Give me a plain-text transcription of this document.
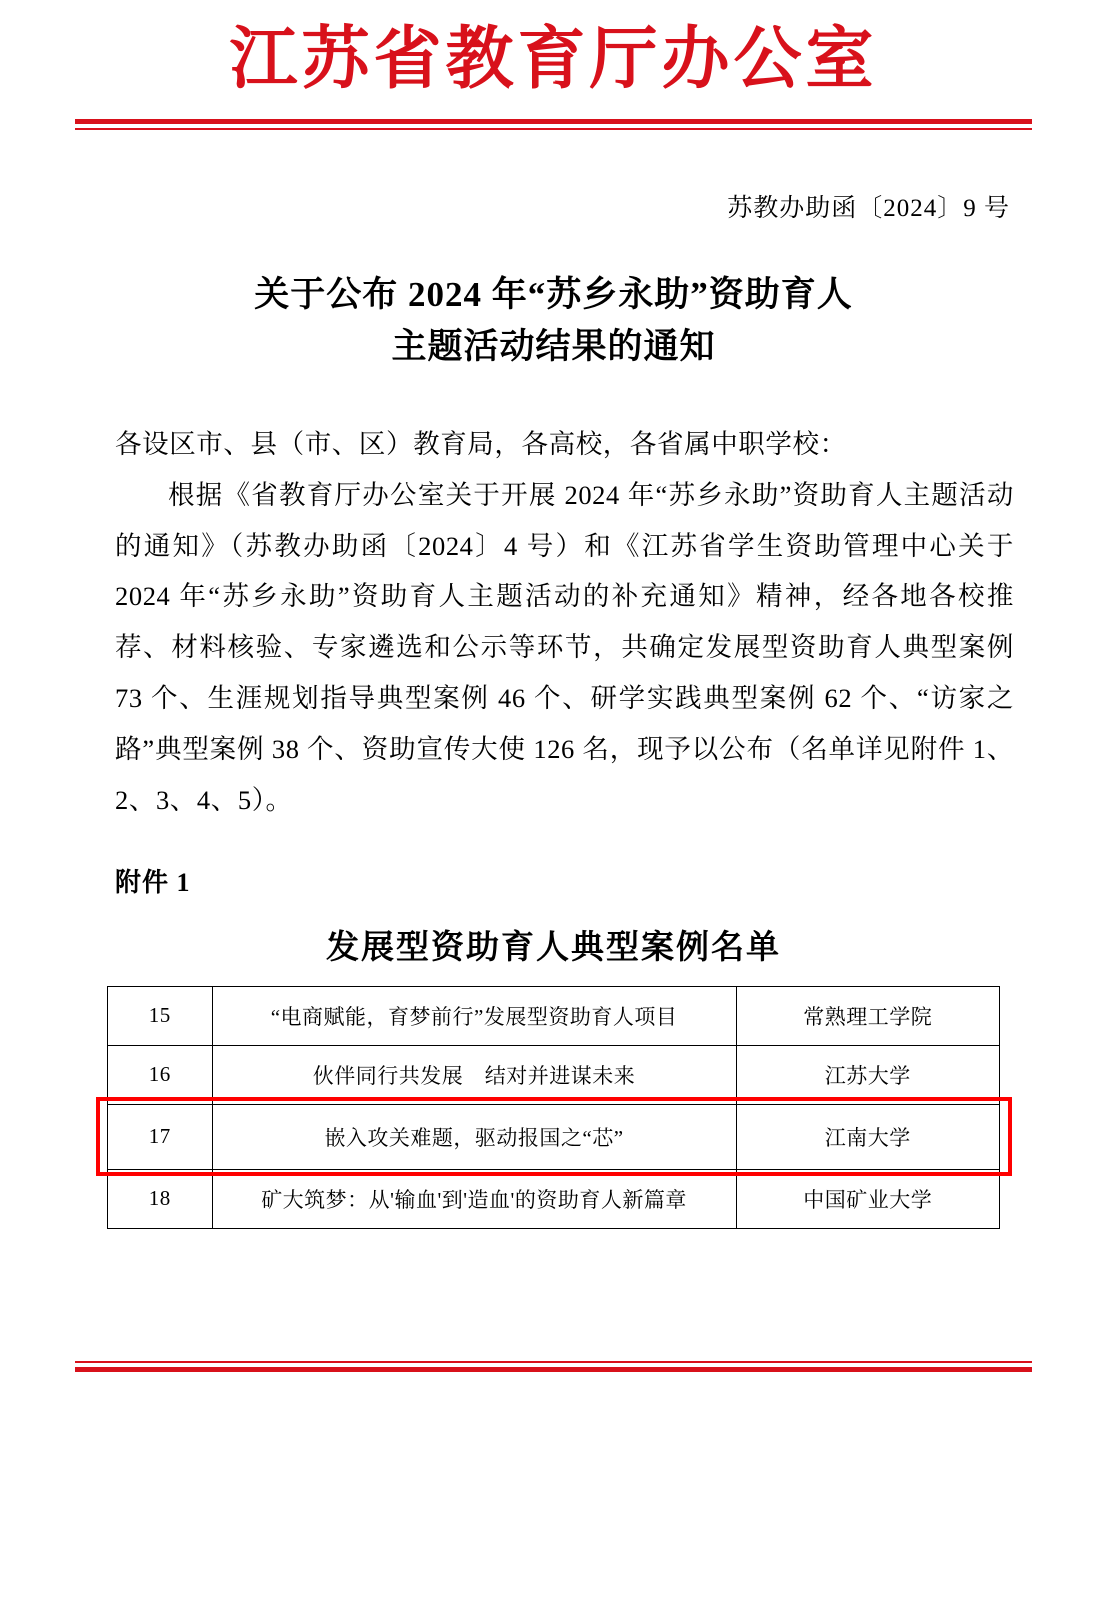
江苏省教育厅办公室
苏教办助函〔2024〕9 号
关于公布 2024 年“苏乡永助”资助育人
主题活动结果的通知
各设区市、县（市、区）教育局，各高校，各省属中职学校：
根据《省教育厅办公室关于开展 2024 年“苏乡永助”资助育人主题活动的通知》（苏教办助函〔2024〕4 号）和《江苏省学生资助管理中心关于 2024 年“苏乡永助”资助育人主题活动的补充通知》精神，经各地各校推荐、材料核验、专家遴选和公示等环节，共确定发展型资助育人典型案例 73 个、生涯规划指导典型案例 46 个、研学实践典型案例 62 个、“访家之路”典型案例 38 个、资助宣传大使 126 名，现予以公布（名单详见附件 1、2、3、4、5）。
附件 1
发展型资助育人典型案例名单
15	“电商赋能，育梦前行”发展型资助育人项目	常熟理工学院
16	伙伴同行共发展　结对并进谋未来	江苏大学
17	嵌入攻关难题，驱动报国之“芯”	江南大学
18	矿大筑梦：从'输血'到'造血'的资助育人新篇章	中国矿业大学
